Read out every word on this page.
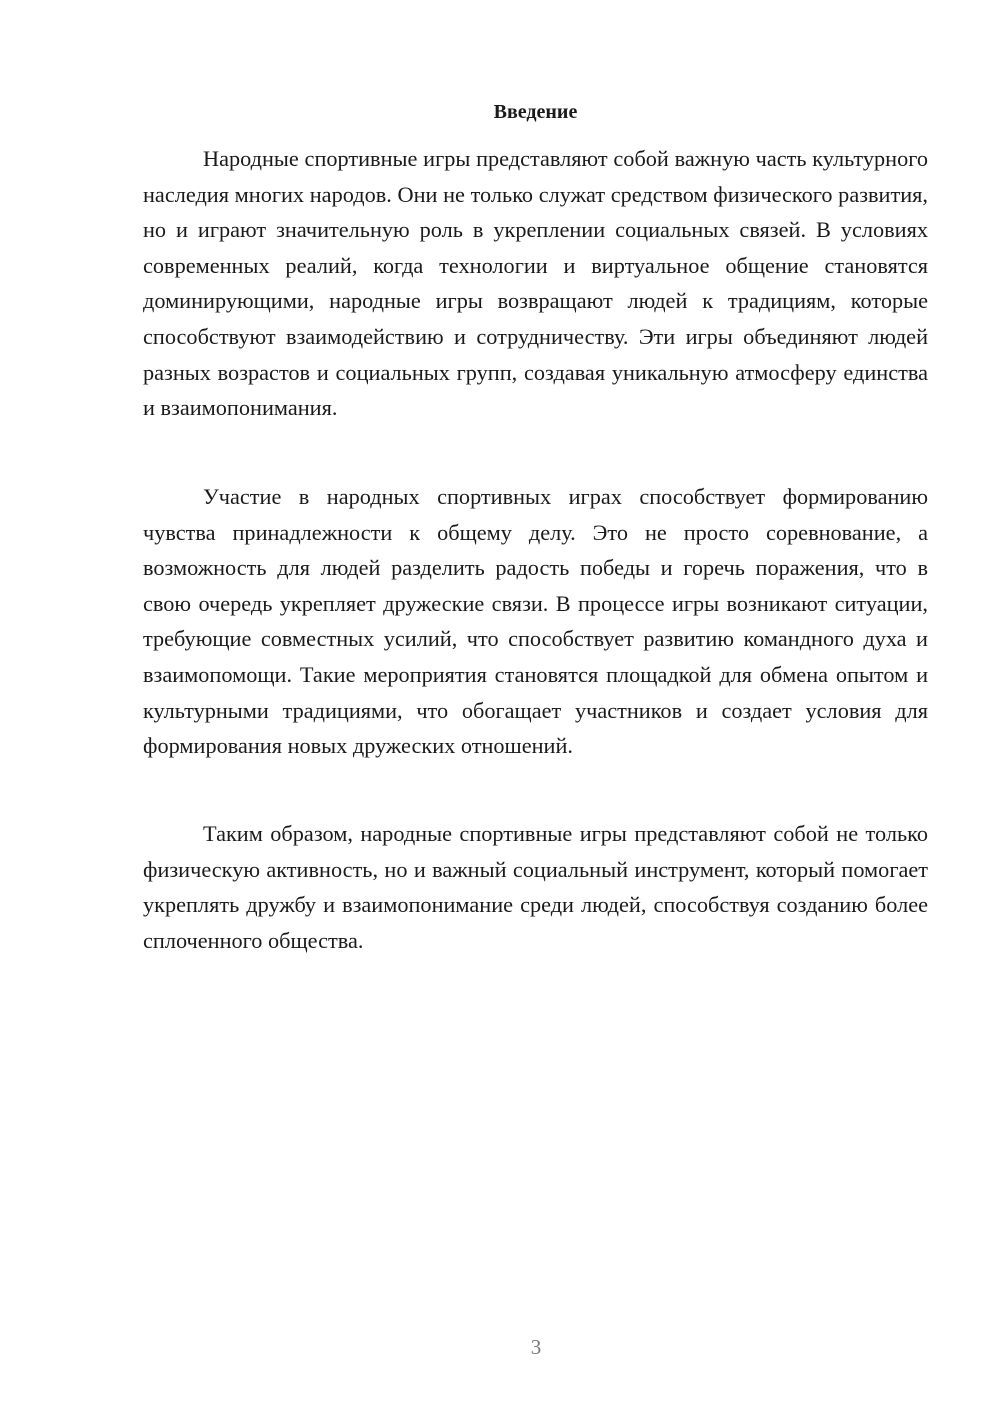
Введение

Народные спортивные игры представляют собой важную часть культурного наследия многих народов. Они не только служат средством физического развития, но и играют значительную роль в укреплении социальных связей. В условиях современных реалий, когда технологии и виртуальное общение становятся доминирующими, народные игры возвращают людей к традициям, которые способствуют взаимодействию и сотрудничеству. Эти игры объединяют людей разных возрастов и социальных групп, создавая уникальную атмосферу единства и взаимопонимания.

Участие в народных спортивных играх способствует формированию чувства принадлежности к общему делу. Это не просто соревнование, а возможность для людей разделить радость победы и горечь поражения, что в свою очередь укрепляет дружеские связи. В процессе игры возникают ситуации, требующие совместных усилий, что способствует развитию командного духа и взаимопомощи. Такие мероприятия становятся площадкой для обмена опытом и культурными традициями, что обогащает участников и создает условия для формирования новых дружеских отношений.

Таким образом, народные спортивные игры представляют собой не только физическую активность, но и важный социальный инструмент, который помогает укреплять дружбу и взаимопонимание среди людей, способствуя созданию более сплоченного общества.

3
